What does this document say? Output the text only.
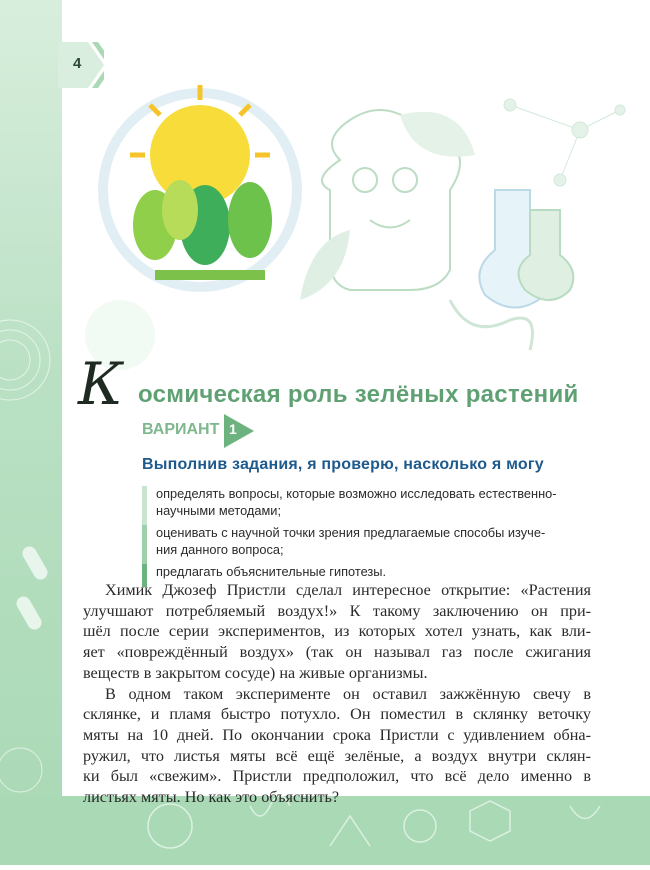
4
К осмическая роль зелёных растений
ВАРИАНТ 1
Выполнив задания, я проверю, насколько я могу
определять вопросы, которые возможно исследовать естественно-
научными методами;
оценивать с научной точки зрения предлагаемые способы изуче-
ния данного вопроса;
предлагать объяснительные гипотезы.
Химик Джозеф Пристли сделал интересное открытие: «Растения
улучшают потребляемый воздух!» К такому заключению он при-
шёл после серии экспериментов, из которых хотел узнать, как вли-
яет «повреждённый воздух» (так он называл газ после сжигания
веществ в закрытом сосуде) на живые организмы.
В одном таком эксперименте он оставил зажжённую свечу в
склянке, и пламя быстро потухло. Он поместил в склянку веточку
мяты на 10 дней. По окончании срока Пристли с удивлением обна-
ружил, что листья мяты всё ещё зелёные, а воздух внутри склян-
ки был «свежим». Пристли предположил, что всё дело именно в
листьях мяты. Но как это объяснить?
